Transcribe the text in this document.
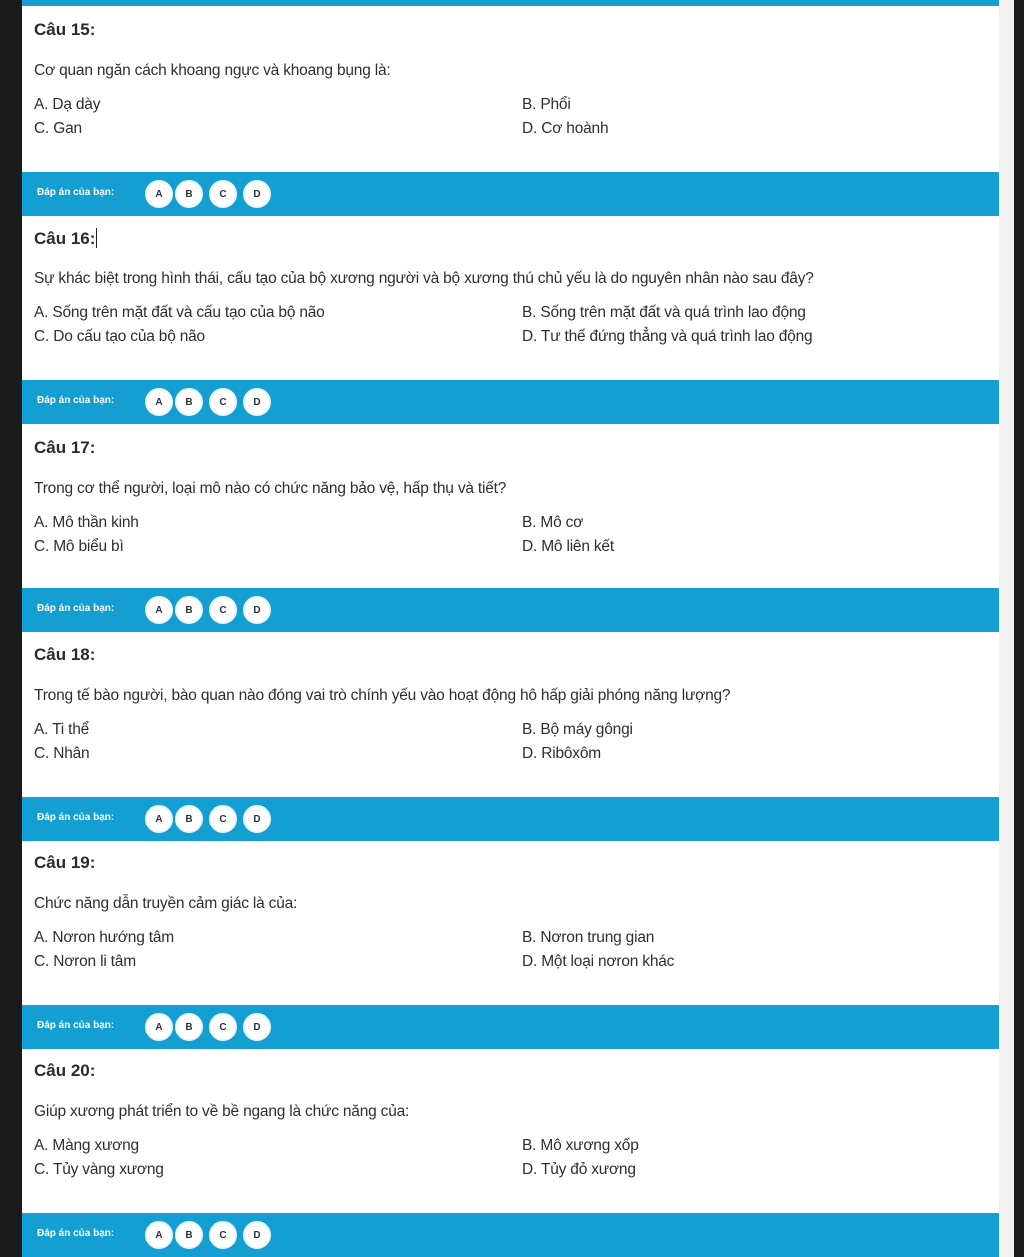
Câu 15:
Cơ quan ngăn cách khoang ngực và khoang bụng là:
A. Dạ dày	B. Phổi
C. Gan	D. Cơ hoành
Đáp án của bạn:	A	B	C	D
Câu 16:
Sự khác biệt trong hình thái, cấu tạo của bộ xương người và bộ xương thú chủ yếu là do nguyên nhân nào sau đây?
A. Sống trên mặt đất và cấu tạo của bộ não	B. Sống trên mặt đất và quá trình lao động
C. Do cấu tạo của bộ não	D. Tư thế đứng thẳng và quá trình lao động
Đáp án của bạn:	A	B	C	D
Câu 17:
Trong cơ thể người, loại mô nào có chức năng bảo vệ, hấp thụ và tiết?
A. Mô thần kinh	B. Mô cơ
C. Mô biểu bì	D. Mô liên kết
Đáp án của bạn:	A	B	C	D
Câu 18:
Trong tế bào người, bào quan nào đóng vai trò chính yếu vào hoạt động hô hấp giải phóng năng lượng?
A. Ti thể	B. Bộ máy gôngi
C. Nhân	D. Ribôxôm
Đáp án của bạn:	A	B	C	D
Câu 19:
Chức năng dẫn truyền cảm giác là của:
A. Nơron hướng tâm	B. Nơron trung gian
C. Nơron li tâm	D. Một loại nơron khác
Đáp án của bạn:	A	B	C	D
Câu 20:
Giúp xương phát triển to về bề ngang là chức năng của:
A. Màng xương	B. Mô xương xốp
C. Tủy vàng xương	D. Tủy đỏ xương
Đáp án của bạn:	A	B	C	D
